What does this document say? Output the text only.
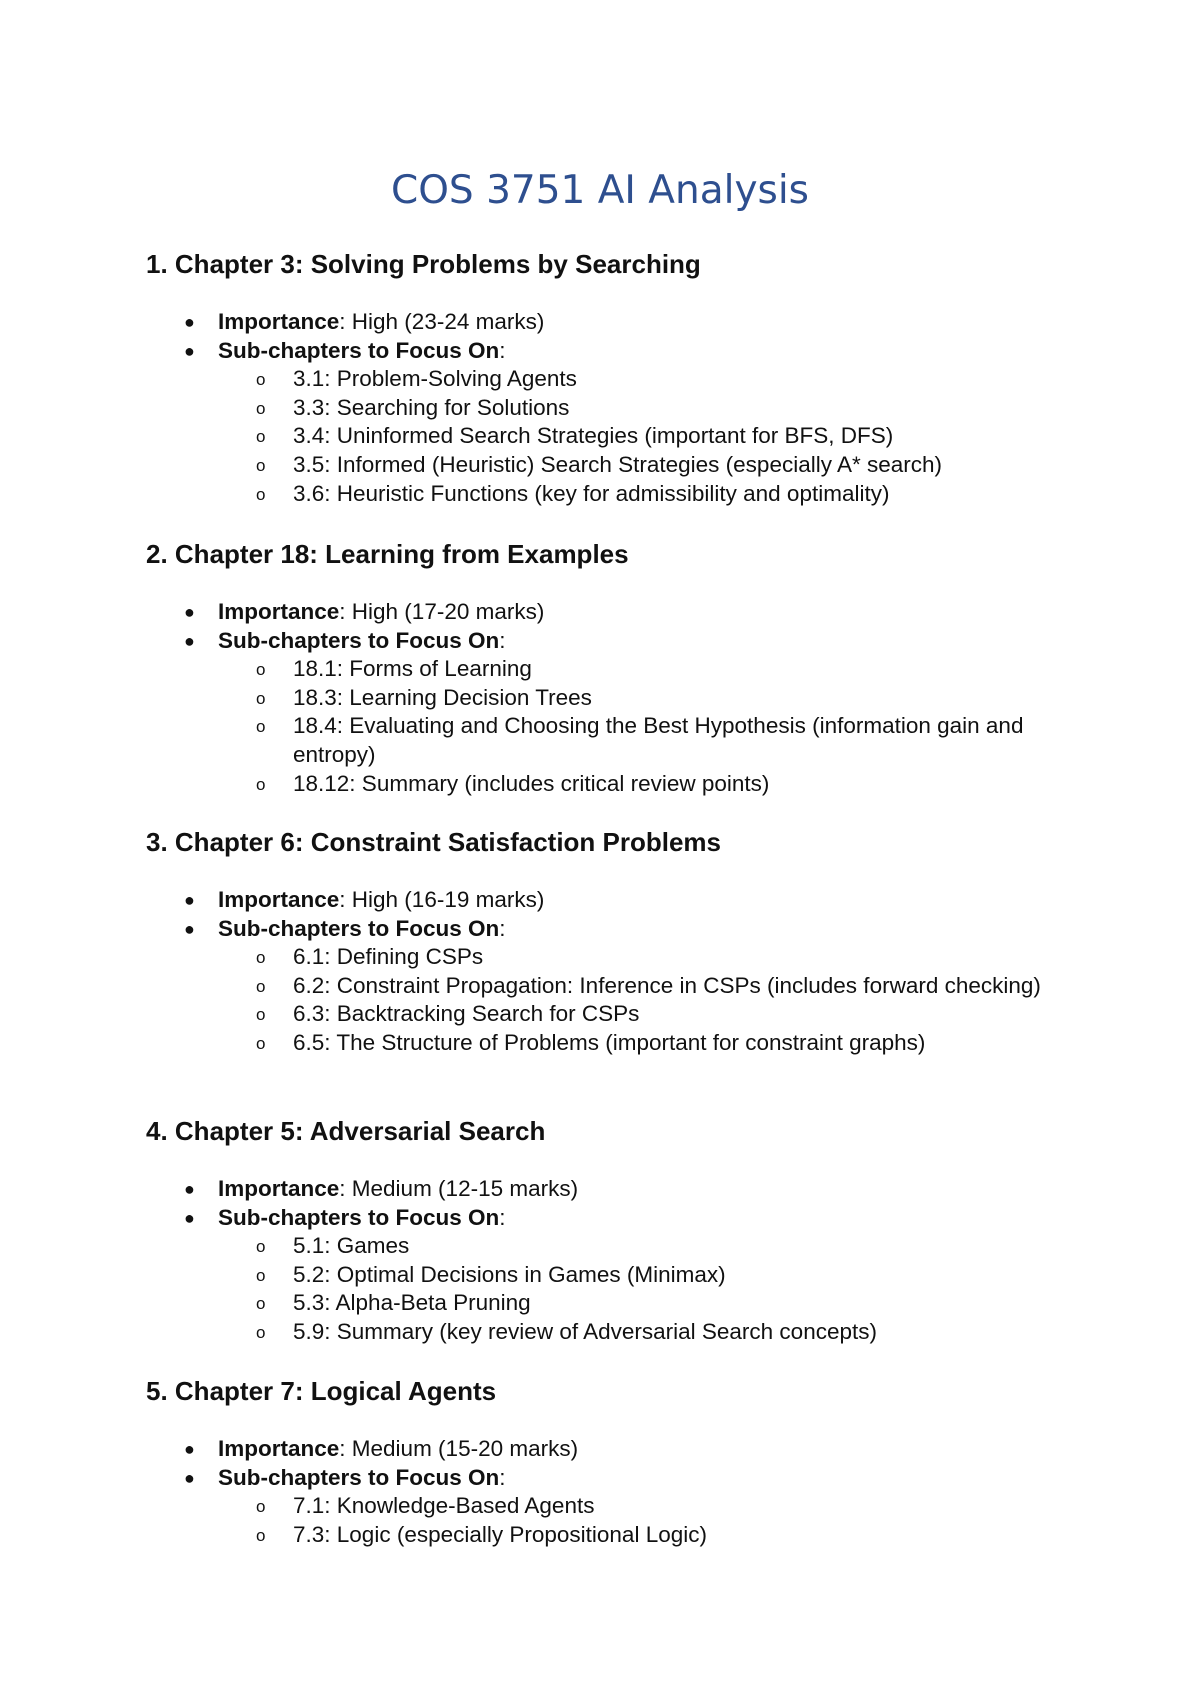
COS 3751 AI Analysis
1. Chapter 3: Solving Problems by Searching
● Importance: High (23-24 marks)
● Sub-chapters to Focus On:
o 3.1: Problem-Solving Agents
o 3.3: Searching for Solutions
o 3.4: Uninformed Search Strategies (important for BFS, DFS)
o 3.5: Informed (Heuristic) Search Strategies (especially A* search)
o 3.6: Heuristic Functions (key for admissibility and optimality)
2. Chapter 18: Learning from Examples
● Importance: High (17-20 marks)
● Sub-chapters to Focus On:
o 18.1: Forms of Learning
o 18.3: Learning Decision Trees
o 18.4: Evaluating and Choosing the Best Hypothesis (information gain and entropy)
o 18.12: Summary (includes critical review points)
3. Chapter 6: Constraint Satisfaction Problems
● Importance: High (16-19 marks)
● Sub-chapters to Focus On:
o 6.1: Defining CSPs
o 6.2: Constraint Propagation: Inference in CSPs (includes forward checking)
o 6.3: Backtracking Search for CSPs
o 6.5: The Structure of Problems (important for constraint graphs)
4. Chapter 5: Adversarial Search
● Importance: Medium (12-15 marks)
● Sub-chapters to Focus On:
o 5.1: Games
o 5.2: Optimal Decisions in Games (Minimax)
o 5.3: Alpha-Beta Pruning
o 5.9: Summary (key review of Adversarial Search concepts)
5. Chapter 7: Logical Agents
● Importance: Medium (15-20 marks)
● Sub-chapters to Focus On:
o 7.1: Knowledge-Based Agents
o 7.3: Logic (especially Propositional Logic)
